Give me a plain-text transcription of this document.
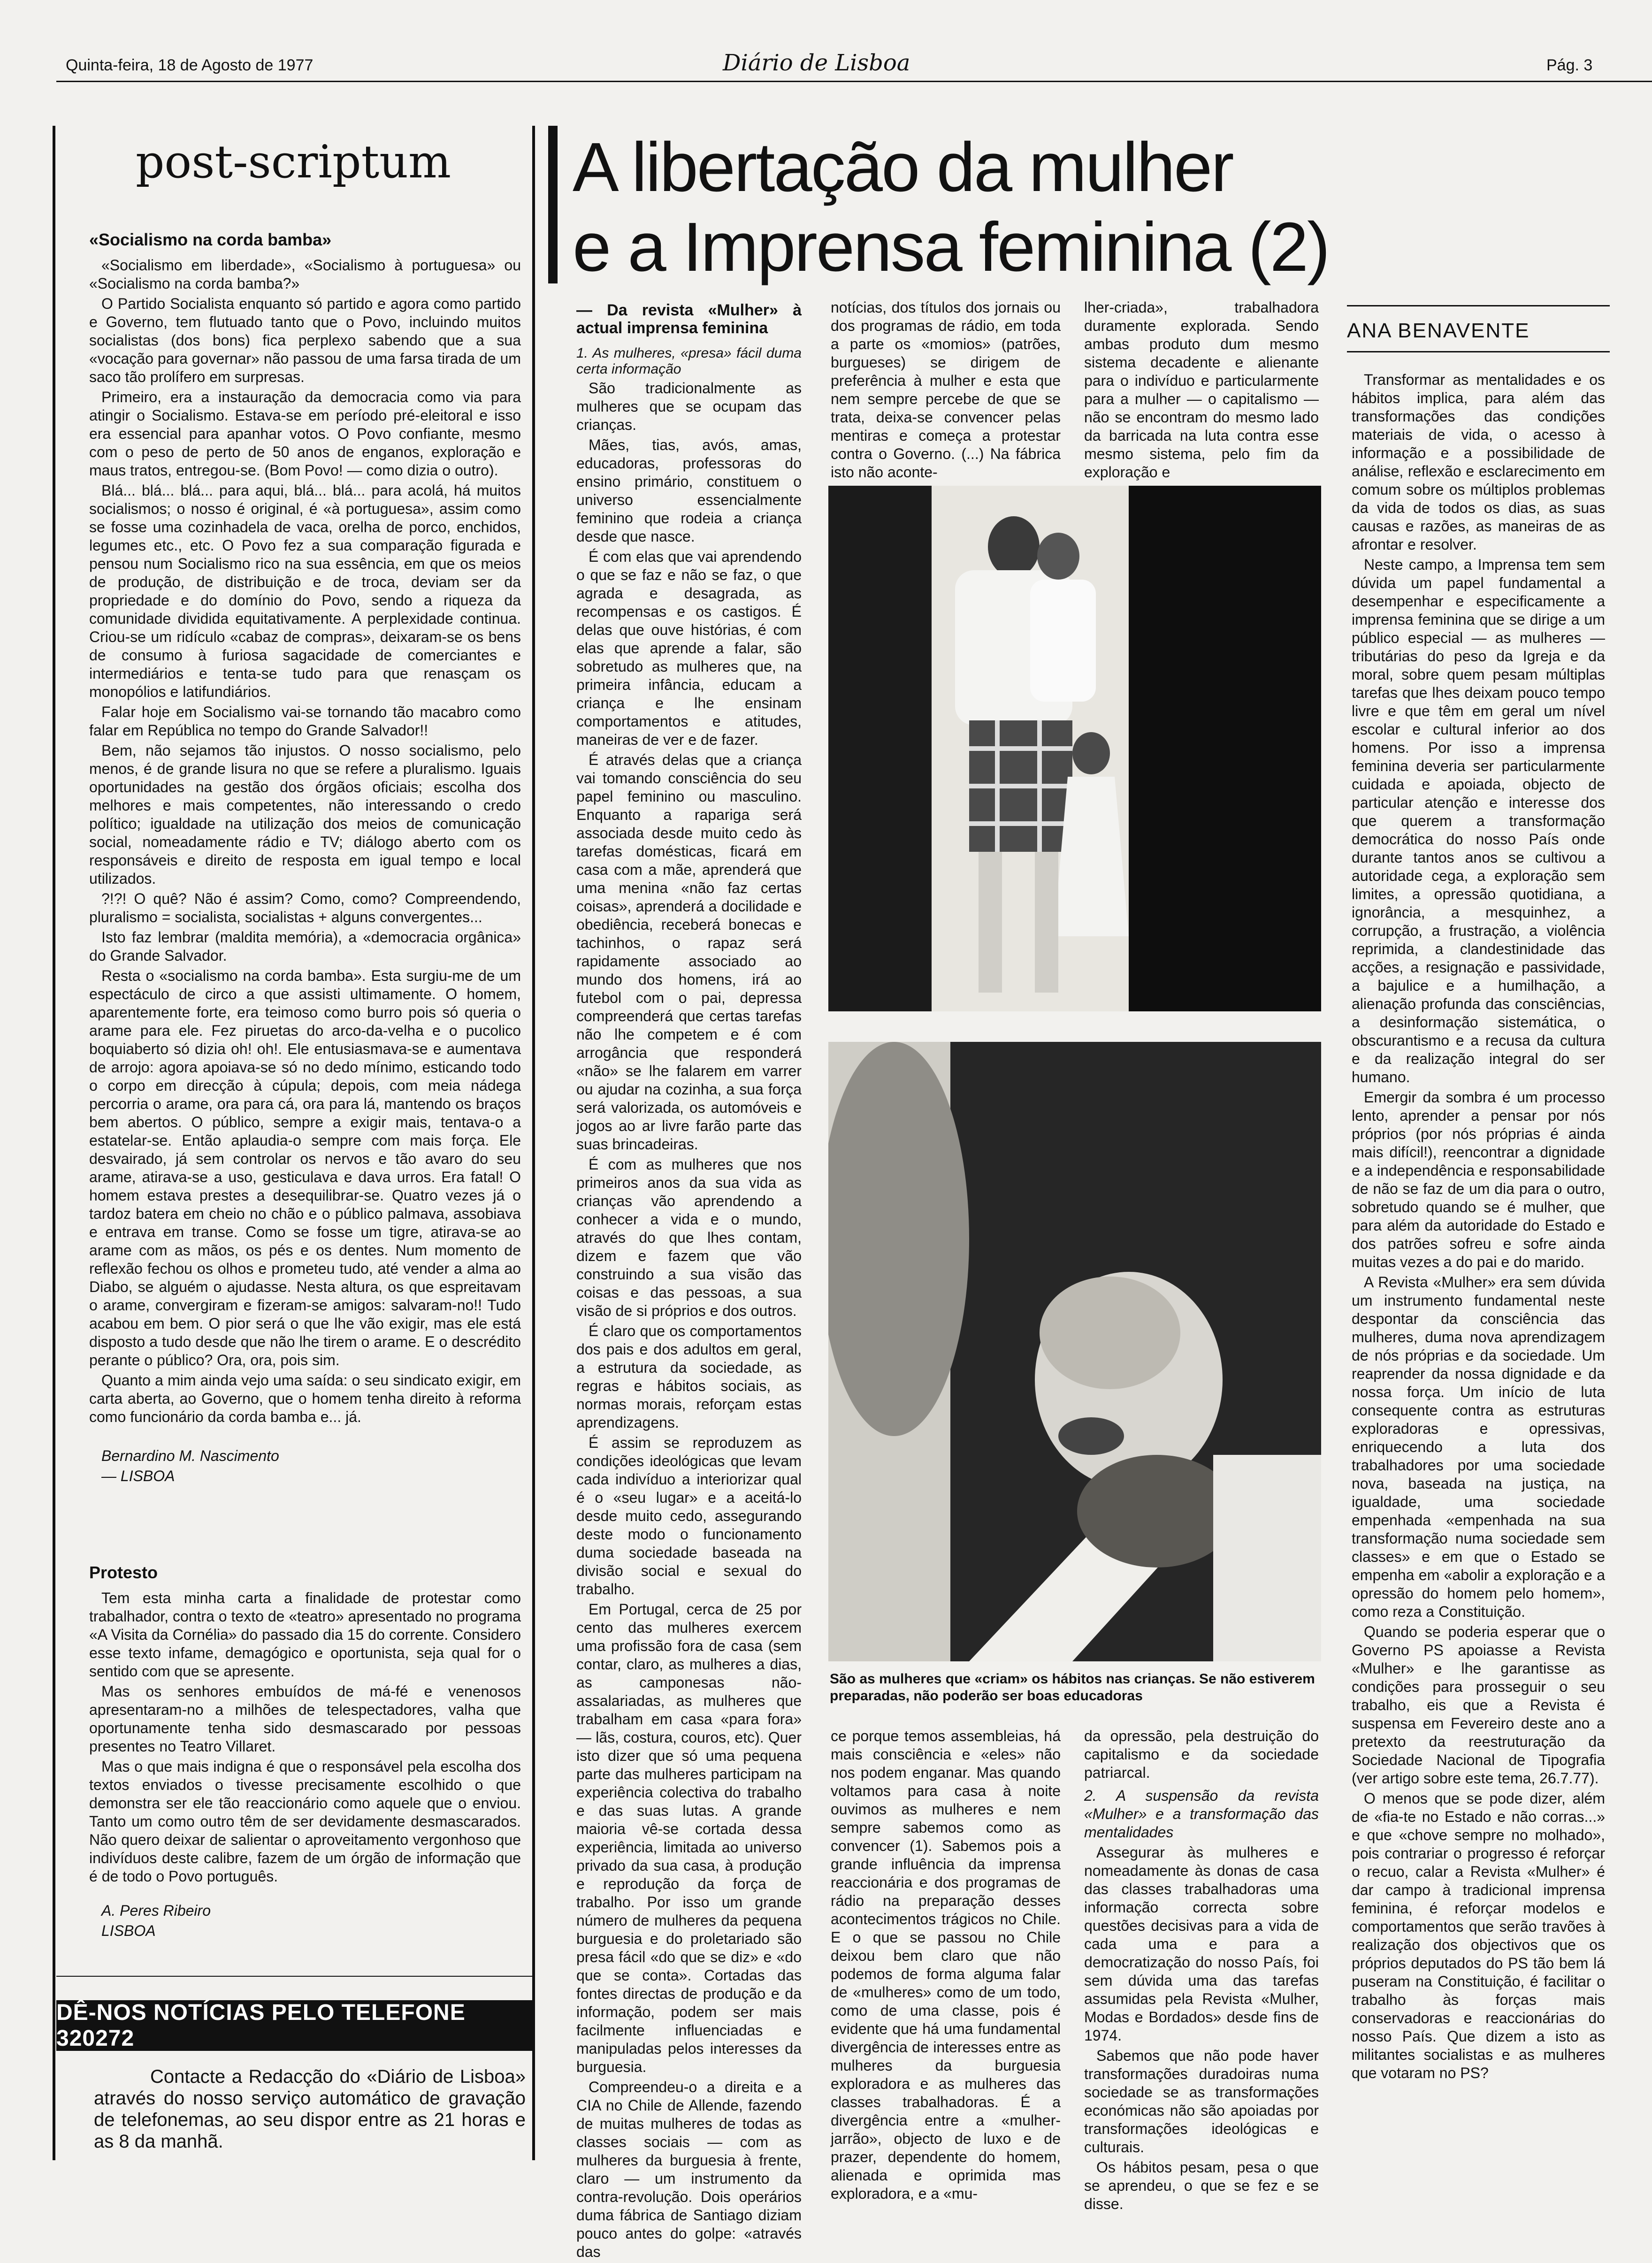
Quinta-feira, 18 de Agosto de 1977	Diário de Lisboa	Pág. 3
post-scriptum
«Socialismo na corda bamba»

«Socialismo em liberdade», «Socialismo à portuguesa» ou «Socialismo na corda bamba?»

O Partido Socialista enquanto só partido e agora como partido e Governo, tem flutuado tanto que o Povo, incluindo muitos socialistas (dos bons) fica perplexo sabendo que a sua «vocação para governar» não passou de uma farsa tirada de um saco tão prolífero em surpresas.

Primeiro, era a instauração da democracia como via para atingir o Socialismo. Estava-se em período pré-eleitoral e isso era essencial para apanhar votos. O Povo confiante, mesmo com o peso de perto de 50 anos de enganos, exploração e maus tratos, entregou-se. (Bom Povo! — como dizia o outro).

Blá... blá... blá... para aqui, blá... blá... para acolá, há muitos socialismos; o nosso é original, é «à portuguesa», assim como se fosse uma cozinhadela de vaca, orelha de porco, enchidos, legumes etc., etc. O Povo fez a sua comparação figurada e pensou num Socialismo rico na sua essência, em que os meios de produção, de distribuição e de troca, deviam ser da propriedade e do domínio do Povo, sendo a riqueza da comunidade dividida equitativamente. A perplexidade continua. Criou-se um ridículo «cabaz de compras», deixaram-se os bens de consumo à furiosa sagacidade de comerciantes e intermediários e tenta-se tudo para que renasçam os monopólios e latifundiários.

Falar hoje em Socialismo vai-se tornando tão macabro como falar em República no tempo do Grande Salvador!!

Bem, não sejamos tão injustos. O nosso socialismo, pelo menos, é de grande lisura no que se refere a pluralismo. Iguais oportunidades na gestão dos órgãos oficiais; escolha dos melhores e mais competentes, não interessando o credo político; igualdade na utilização dos meios de comunicação social, nomeadamente rádio e TV; diálogo aberto com os responsáveis e direito de resposta em igual tempo e local utilizados.

?!?! O quê? Não é assim? Como, como? Compreendendo, pluralismo = socialista, socialistas + alguns convergentes...

Isto faz lembrar (maldita memória), a «democracia orgânica» do Grande Salvador.

Resta o «socialismo na corda bamba». Esta surgiu-me de um espectáculo de circo a que assisti ultimamente. O homem, aparentemente forte, era teimoso como burro pois só queria o arame para ele. Fez piruetas do arco-da-velha e o pucolico boquiaberto só dizia oh! oh!. Ele entusiasmava-se e aumentava de arrojo: agora apoiava-se só no dedo mínimo, esticando todo o corpo em direcção à cúpula; depois, com meia nádega percorria o arame, ora para cá, ora para lá, mantendo os braços bem abertos. O público, sempre a exigir mais, tentava-o a estatelar-se. Então aplaudia-o sempre com mais força. Ele desvairado, já sem controlar os nervos e tão avaro do seu arame, atirava-se a uso, gesticulava e dava urros. Era fatal! O homem estava prestes a desequilibrar-se. Quatro vezes já o tardoz batera em cheio no chão e o público palmava, assobiava e entrava em transe. Como se fosse um tigre, atirava-se ao arame com as mãos, os pés e os dentes. Num momento de reflexão fechou os olhos e prometeu tudo, até vender a alma ao Diabo, se alguém o ajudasse. Nesta altura, os que espreitavam o arame, convergiram e fizeram-se amigos: salvaram-no!! Tudo acabou em bem. O pior será o que lhe vão exigir, mas ele está disposto a tudo desde que não lhe tirem o arame. E o descrédito perante o público? Ora, ora, pois sim.

Quanto a mim ainda vejo uma saída: o seu sindicato exigir, em carta aberta, ao Governo, que o homem tenha direito à reforma como funcionário da corda bamba e... já.

Bernardino M. Nascimento

— LISBOA

Protesto

Tem esta minha carta a finalidade de protestar como trabalhador, contra o texto de «teatro» apresentado no programa «A Visita da Cornélia» do passado dia 15 do corrente. Considero esse texto infame, demagógico e oportunista, seja qual for o sentido com que se apresente.

Mas os senhores embuídos de má-fé e venenosos apresentaram-no a milhões de telespectadores, valha que oportunamente tenha sido desmascarado por pessoas presentes no Teatro Villaret.

Mas o que mais indigna é que o responsável pela escolha dos textos enviados o tivesse precisamente escolhido o que demonstra ser ele tão reaccionário como aquele que o enviou. Tanto um como outro têm de ser devidamente desmascarados. Não quero deixar de salientar o aproveitamento vergonhoso que indivíduos deste calibre, fazem de um órgão de informação que é de todo o Povo português.

A. Peres Ribeiro

LISBOA

DÊ-NOS NOTÍCIAS PELO TELEFONE 320272
Contacte a Redacção do «Diário de Lisboa» através do nosso serviço automático de gravação de telefonemas, ao seu dispor entre as 21 horas e as 8 da manhã.
A libertação da mulher
e a Imprensa feminina (2)

— Da revista «Mulher» à actual imprensa feminina

1. As mulheres, «presa» fácil duma certa informação

São tradicionalmente as mulheres que se ocupam das crianças.

Mães, tias, avós, amas, educadoras, professoras do ensino primário, constituem o universo essencialmente feminino que rodeia a criança desde que nasce.

É com elas que vai aprendendo o que se faz e não se faz, o que agrada e desagrada, as recompensas e os castigos. É delas que ouve histórias, é com elas que aprende a falar, são sobretudo as mulheres que, na primeira infância, educam a criança e lhe ensinam comportamentos e atitudes, maneiras de ver e de fazer.

É através delas que a criança vai tomando consciência do seu papel feminino ou masculino. Enquanto a rapariga será associada desde muito cedo às tarefas domésticas, ficará em casa com a mãe, aprenderá que uma menina «não faz certas coisas», aprenderá a docilidade e obediência, receberá bonecas e tachinhos, o rapaz será rapidamente associado ao mundo dos homens, irá ao futebol com o pai, depressa compreenderá que certas tarefas não lhe competem e é com arrogância que responderá «não» se lhe falarem em varrer ou ajudar na cozinha, a sua força será valorizada, os automóveis e jogos ao ar livre farão parte das suas brincadeiras.

É com as mulheres que nos primeiros anos da sua vida as crianças vão aprendendo a conhecer a vida e o mundo, através do que lhes contam, dizem e fazem que vão construindo a sua visão das coisas e das pessoas, a sua visão de si próprios e dos outros.

É claro que os comportamentos dos pais e dos adultos em geral, a estrutura da sociedade, as regras e hábitos sociais, as normas morais, reforçam estas aprendizagens.

É assim se reproduzem as condições ideológicas que levam cada indivíduo a interiorizar qual é o «seu lugar» e a aceitá-lo desde muito cedo, assegurando deste modo o funcionamento duma sociedade baseada na divisão social e sexual do trabalho.

Em Portugal, cerca de 25 por cento das mulheres exercem uma profissão fora de casa (sem contar, claro, as mulheres a dias, as camponesas não-assalariadas, as mulheres que trabalham em casa «para fora» — lãs, costura, couros, etc). Quer isto dizer que só uma pequena parte das mulheres participam na experiência colectiva do trabalho e das suas lutas. A grande maioria vê-se cortada dessa experiência, limitada ao universo privado da sua casa, à produção e reprodução da força de trabalho. Por isso um grande número de mulheres da pequena burguesia e do proletariado são presa fácil «do que se diz» e «do que se conta». Cortadas das fontes directas de produção e da informação, podem ser mais facilmente influenciadas e manipuladas pelos interesses da burguesia.

Compreendeu-o a direita e a CIA no Chile de Allende, fazendo de muitas mulheres de todas as classes sociais — com as mulheres da burguesia à frente, claro — um instrumento da contra-revolução. Dois operários duma fábrica de Santiago diziam pouco antes do golpe: «através das

notícias, dos títulos dos jornais ou dos programas de rádio, em toda a parte os «momios» (patrões, burgueses) se dirigem de preferência à mulher e esta que nem sempre percebe de que se trata, deixa-se convencer pelas mentiras e começa a protestar contra o Governo. (...) Na fábrica isto não aconte-

lher-criada», trabalhadora duramente explorada. Sendo ambas produto dum mesmo sistema decadente e alienante para o indivíduo e particularmente para a mulher — o capitalismo — não se encontram do mesmo lado da barricada na luta contra esse mesmo sistema, pelo fim da exploração e

São as mulheres que «criam» os hábitos nas crianças. Se não estiverem preparadas, não poderão ser boas educadoras

ce porque temos assembleias, há mais consciência e «eles» não nos podem enganar. Mas quando voltamos para casa à noite ouvimos as mulheres e nem sempre sabemos como as convencer (1). Sabemos pois a grande influência da imprensa reaccionária e dos programas de rádio na preparação desses acontecimentos trágicos no Chile. E o que se passou no Chile deixou bem claro que não podemos de forma alguma falar de «mulheres» como de um todo, como de uma classe, pois é evidente que há uma fundamental divergência de interesses entre as mulheres da burguesia exploradora e as mulheres das classes trabalhadoras. É a divergência entre a «mulher-jarrão», objecto de luxo e de prazer, dependente do homem, alienada e oprimida mas exploradora, e a «mu-

da opressão, pela destruição do capitalismo e da sociedade patriarcal.

2. A suspensão da revista «Mulher» e a transformação das mentalidades

Assegurar às mulheres e nomeadamente às donas de casa das classes trabalhadoras uma informação correcta sobre questões decisivas para a vida de cada uma e para a democratização do nosso País, foi sem dúvida uma das tarefas assumidas pela Revista «Mulher, Modas e Bordados» desde fins de 1974.

Sabemos que não pode haver transformações duradoiras numa sociedade se as transformações económicas não são apoiadas por transformações ideológicas e culturais.

Os hábitos pesam, pesa o que se aprendeu, o que se fez e se disse.

ANA BENAVENTE

Transformar as mentalidades e os hábitos implica, para além das transformações das condições materiais de vida, o acesso à informação e a possibilidade de análise, reflexão e esclarecimento em comum sobre os múltiplos problemas da vida de todos os dias, as suas causas e razões, as maneiras de as afrontar e resolver.

Neste campo, a Imprensa tem sem dúvida um papel fundamental a desempenhar e especificamente a imprensa feminina que se dirige a um público especial — as mulheres — tributárias do peso da Igreja e da moral, sobre quem pesam múltiplas tarefas que lhes deixam pouco tempo livre e que têm em geral um nível escolar e cultural inferior ao dos homens. Por isso a imprensa feminina deveria ser particularmente cuidada e apoiada, objecto de particular atenção e interesse dos que querem a transformação democrática do nosso País onde durante tantos anos se cultivou a autoridade cega, a exploração sem limites, a opressão quotidiana, a ignorância, a mesquinhez, a corrupção, a frustração, a violência reprimida, a clandestinidade das acções, a resignação e passividade, a bajulice e a humilhação, a alienação profunda das consciências, a desinformação sistemática, o obscurantismo e a recusa da cultura e da realização integral do ser humano.

Emergir da sombra é um processo lento, aprender a pensar por nós próprios (por nós próprias é ainda mais difícil!), reencontrar a dignidade e a independência e responsabilidade de não se faz de um dia para o outro, sobretudo quando se é mulher, que para além da autoridade do Estado e dos patrões sofreu e sofre ainda muitas vezes a do pai e do marido.

A Revista «Mulher» era sem dúvida um instrumento fundamental neste despontar da consciência das mulheres, duma nova aprendizagem de nós próprias e da sociedade. Um reaprender da nossa dignidade e da nossa força. Um início de luta consequente contra as estruturas exploradoras e opressivas, enriquecendo a luta dos trabalhadores por uma sociedade nova, baseada na justiça, na igualdade, uma sociedade empenhada «empenhada na sua transformação numa sociedade sem classes» e em que o Estado se empenha em «abolir a exploração e a opressão do homem pelo homem», como reza a Constituição.

Quando se poderia esperar que o Governo PS apoiasse a Revista «Mulher» e lhe garantisse as condições para prosseguir o seu trabalho, eis que a Revista é suspensa em Fevereiro deste ano a pretexto da reestruturação da Sociedade Nacional de Tipografia (ver artigo sobre este tema, 26.7.77).

O menos que se pode dizer, além de «fia-te no Estado e não corras...» e que «chove sempre no molhado», pois contrariar o progresso é reforçar o recuo, calar a Revista «Mulher» é dar campo à tradicional imprensa feminina, é reforçar modelos e comportamentos que serão travões à realização dos objectivos que os próprios deputados do PS tão bem lá puseram na Constituição, é facilitar o trabalho às forças mais conservadoras e reaccionárias do nosso País. Que dizem a isto as militantes socialistas e as mulheres que votaram no PS?
